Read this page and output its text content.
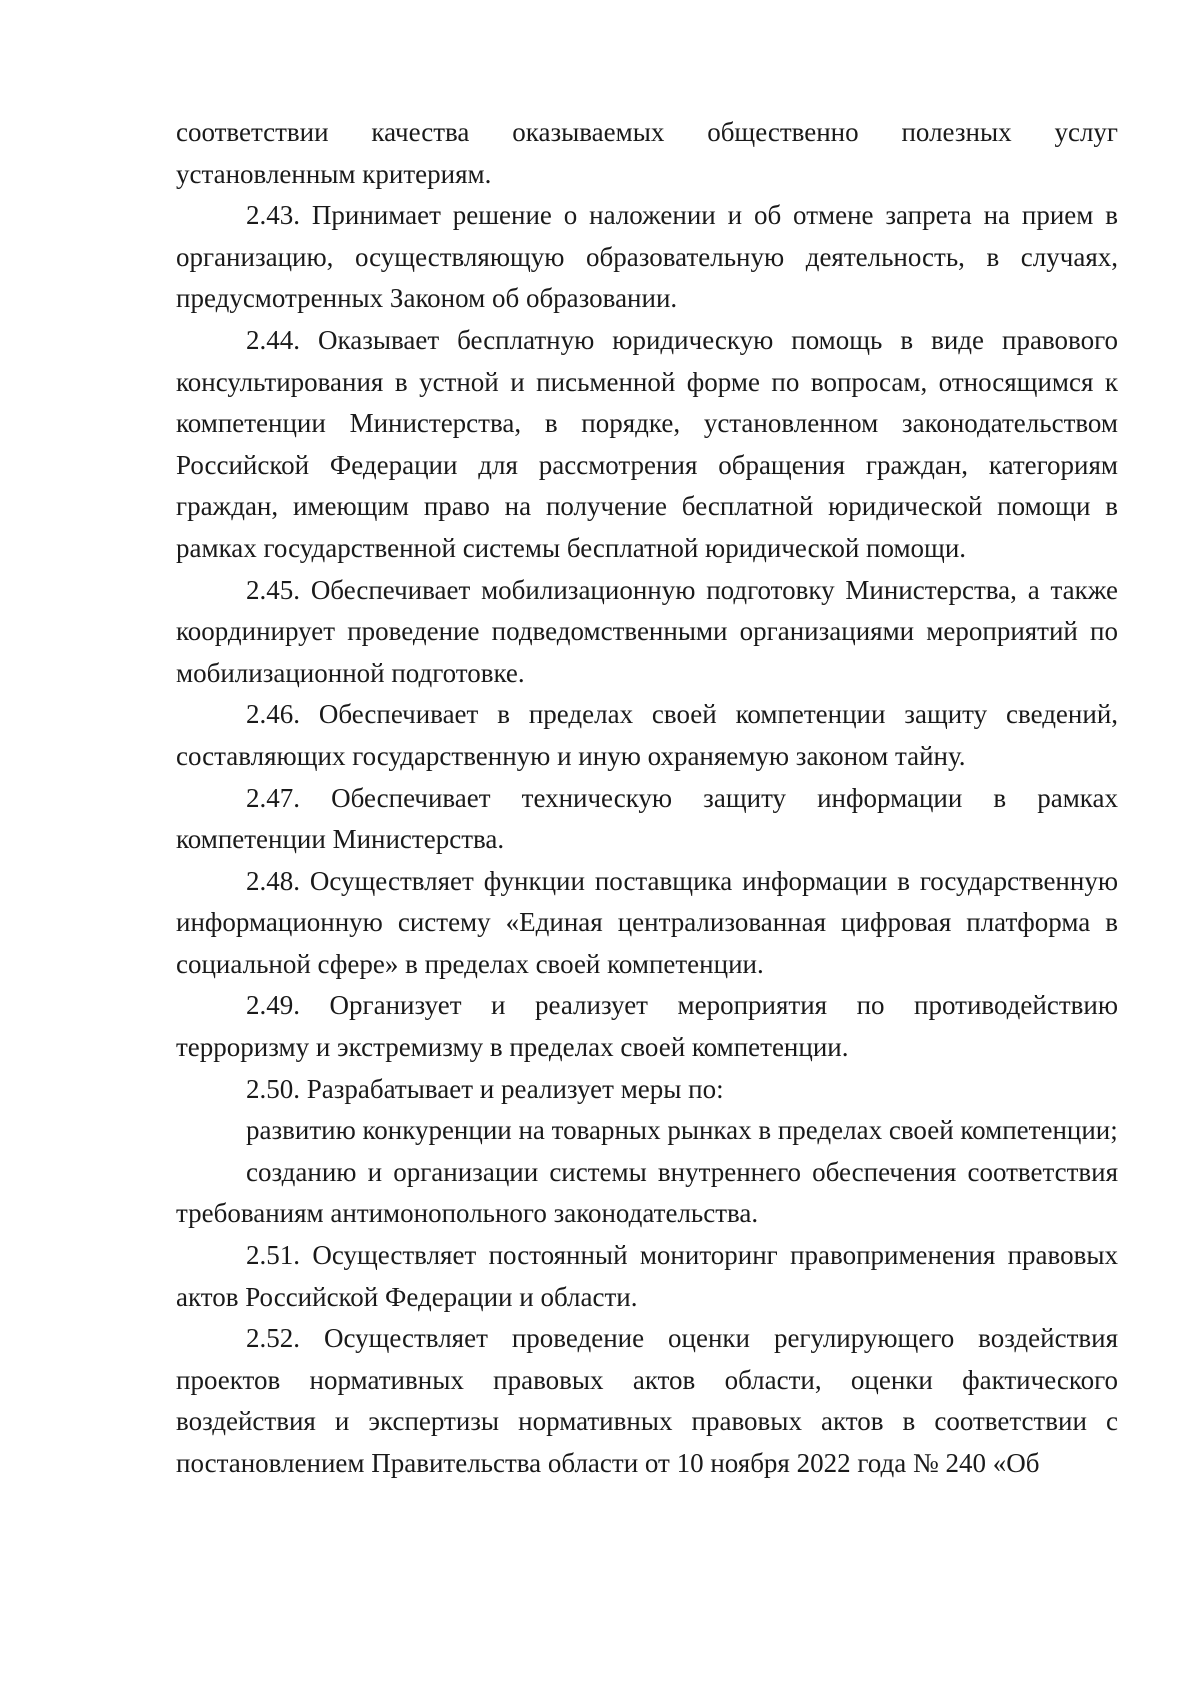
соответствии качества оказываемых общественно полезных услуг установленным критериям.

2.43. Принимает решение о наложении и об отмене запрета на прием в организацию, осуществляющую образовательную деятельность, в случаях, предусмотренных Законом об образовании.

2.44. Оказывает бесплатную юридическую помощь в виде правового консультирования в устной и письменной форме по вопросам, относящимся к компетенции Министерства, в порядке, установленном законодательством Российской Федерации для рассмотрения обращения граждан, категориям граждан, имеющим право на получение бесплатной юридической помощи в рамках государственной системы бесплатной юридической помощи.

2.45. Обеспечивает мобилизационную подготовку Министерства, а также координирует проведение подведомственными организациями мероприятий по мобилизационной подготовке.

2.46. Обеспечивает в пределах своей компетенции защиту сведений, составляющих государственную и иную охраняемую законом тайну.

2.47. Обеспечивает техническую защиту информации в рамках компетенции Министерства.

2.48. Осуществляет функции поставщика информации в государственную информационную систему «Единая централизованная цифровая платформа в социальной сфере» в пределах своей компетенции.

2.49. Организует и реализует мероприятия по противодействию терроризму и экстремизму в пределах своей компетенции.

2.50. Разрабатывает и реализует меры по:

развитию конкуренции на товарных рынках в пределах своей компетенции;

созданию и организации системы внутреннего обеспечения соответствия требованиям антимонопольного законодательства.

2.51. Осуществляет постоянный мониторинг правоприменения правовых актов Российской Федерации и области.

2.52. Осуществляет проведение оценки регулирующего воздействия проектов нормативных правовых актов области, оценки фактического воздействия и экспертизы нормативных правовых актов в соответствии с постановлением Правительства области от 10 ноября 2022 года № 240 «Об
